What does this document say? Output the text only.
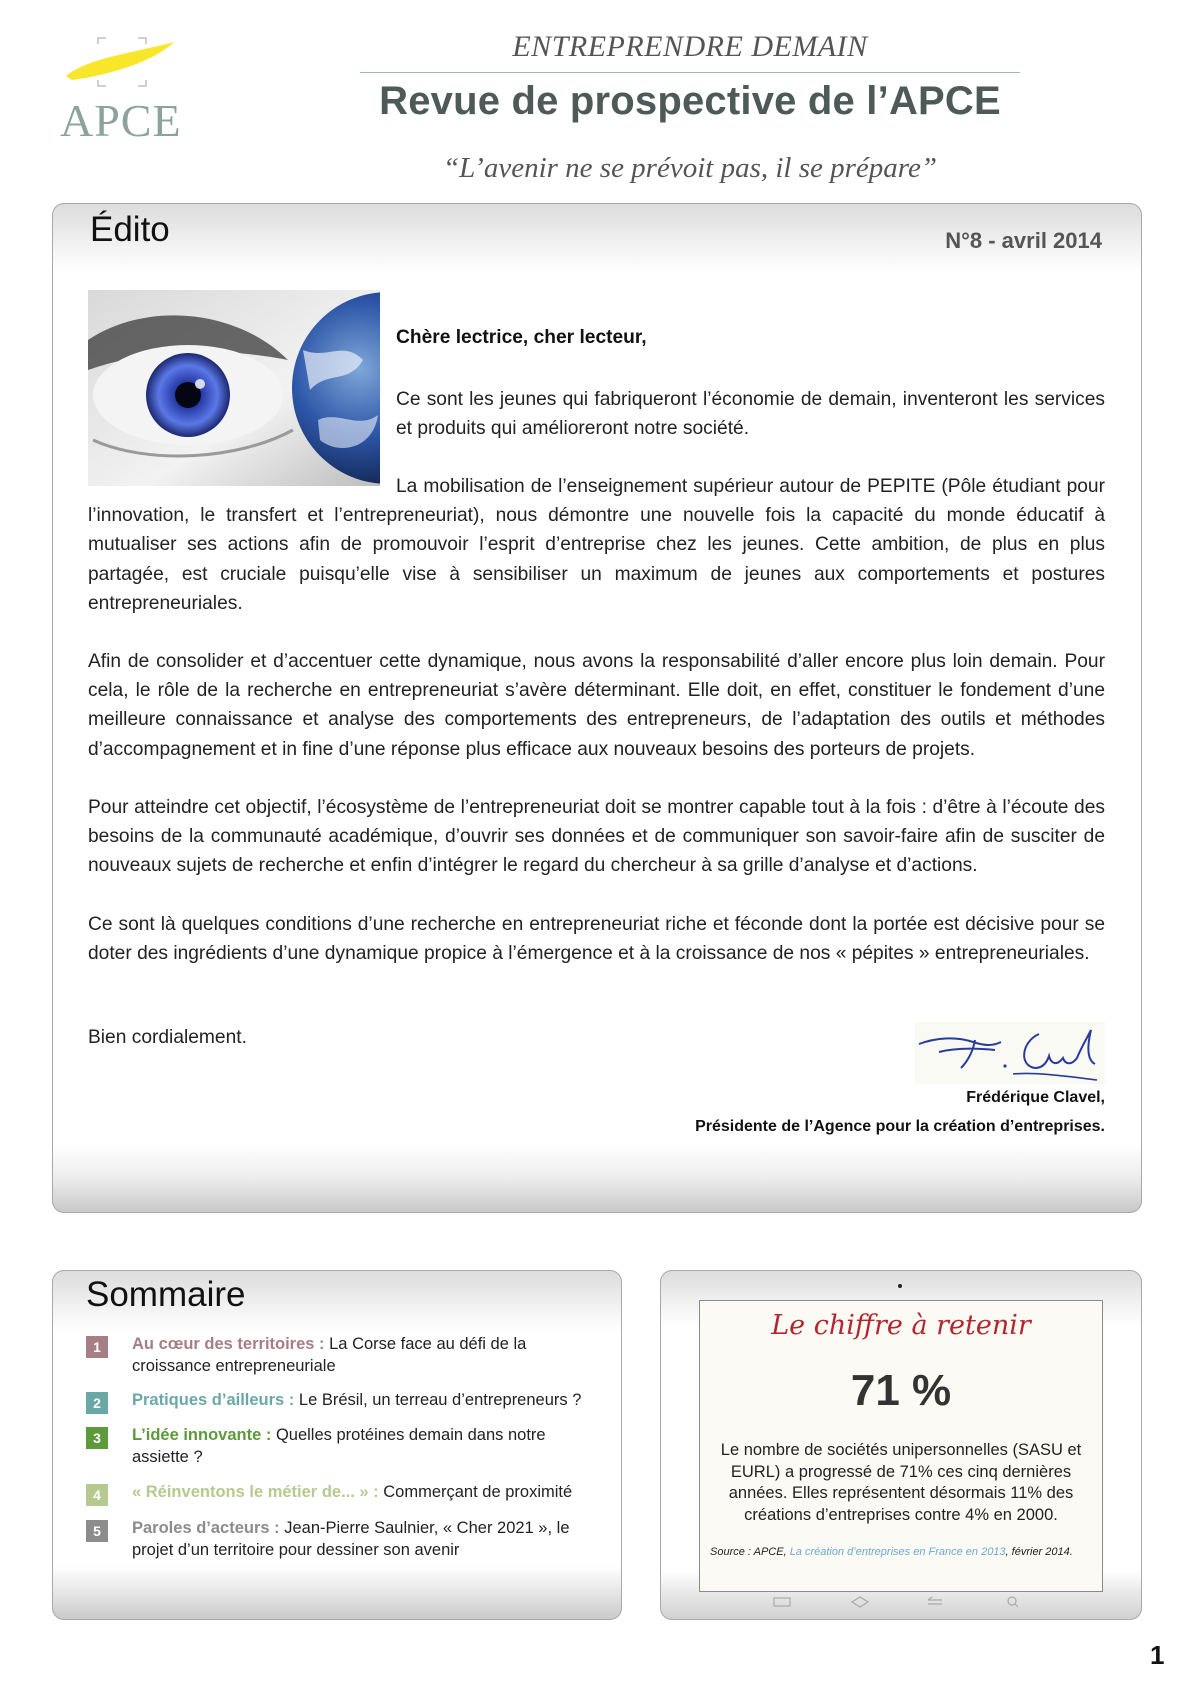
APCE
ENTREPRENDRE DEMAIN
Revue de prospective de l’APCE
“L’avenir ne se prévoit pas, il se prépare”
Édito	N°8 - avril 2014
Chère lectrice, cher lecteur,
Ce sont les jeunes qui fabriqueront l’économie de demain, inventeront les services et produits qui amélioreront notre société.
La mobilisation de l’enseignement supérieur autour de PEPITE (Pôle étudiant pour l’innovation, le transfert et l’entrepreneuriat), nous démontre une nouvelle fois la capacité du monde éducatif à mutualiser ses actions afin de promouvoir l’esprit d’entreprise chez les jeunes. Cette ambition, de plus en plus partagée, est cruciale puisqu’elle vise à sensibiliser un maximum de jeunes aux comportements et postures entrepreneuriales.
Afin de consolider et d’accentuer cette dynamique, nous avons la responsabilité d’aller encore plus loin demain. Pour cela, le rôle de la recherche en entrepreneuriat s’avère déterminant. Elle doit, en effet, constituer le fondement d’une meilleure connaissance et analyse des comportements des entrepreneurs, de l’adaptation des outils et méthodes d’accompagnement et in fine d’une réponse plus efficace aux nouveaux besoins des porteurs de projets.
Pour atteindre cet objectif, l’écosystème de l’entrepreneuriat doit se montrer capable tout à la fois : d’être à l’écoute des besoins de la communauté académique, d’ouvrir ses données et de communiquer son savoir-faire afin de susciter de nouveaux sujets de recherche et enfin d’intégrer le regard du chercheur à sa grille d’analyse et d’actions.
Ce sont là quelques conditions d’une recherche en entrepreneuriat riche et féconde dont la portée est décisive pour se doter des ingrédients d’une dynamique propice à l’émergence et à la croissance de nos « pépites » entrepreneuriales.
Bien cordialement.
Frédérique Clavel,
Présidente de l’Agence pour la création d’entreprises.
Sommaire
1	Au cœur des territoires : La Corse face au défi de la croissance entrepreneuriale
2	Pratiques d’ailleurs : Le Brésil, un terreau d’entrepreneurs ?
3	L’idée innovante : Quelles protéines demain dans notre assiette ?
4	« Réinventons le métier de... » : Commerçant de proximité
5	Paroles d’acteurs : Jean-Pierre Saulnier, « Cher 2021 », le projet d’un territoire pour dessiner son avenir
Le chiffre à retenir
71 %
Le nombre de sociétés unipersonnelles (SASU et EURL) a progressé de 71% ces cinq dernières années. Elles représentent désormais 11% des créations d’entreprises contre 4% en 2000.
Source : APCE, La création d’entreprises en France en 2013, février 2014.
1
